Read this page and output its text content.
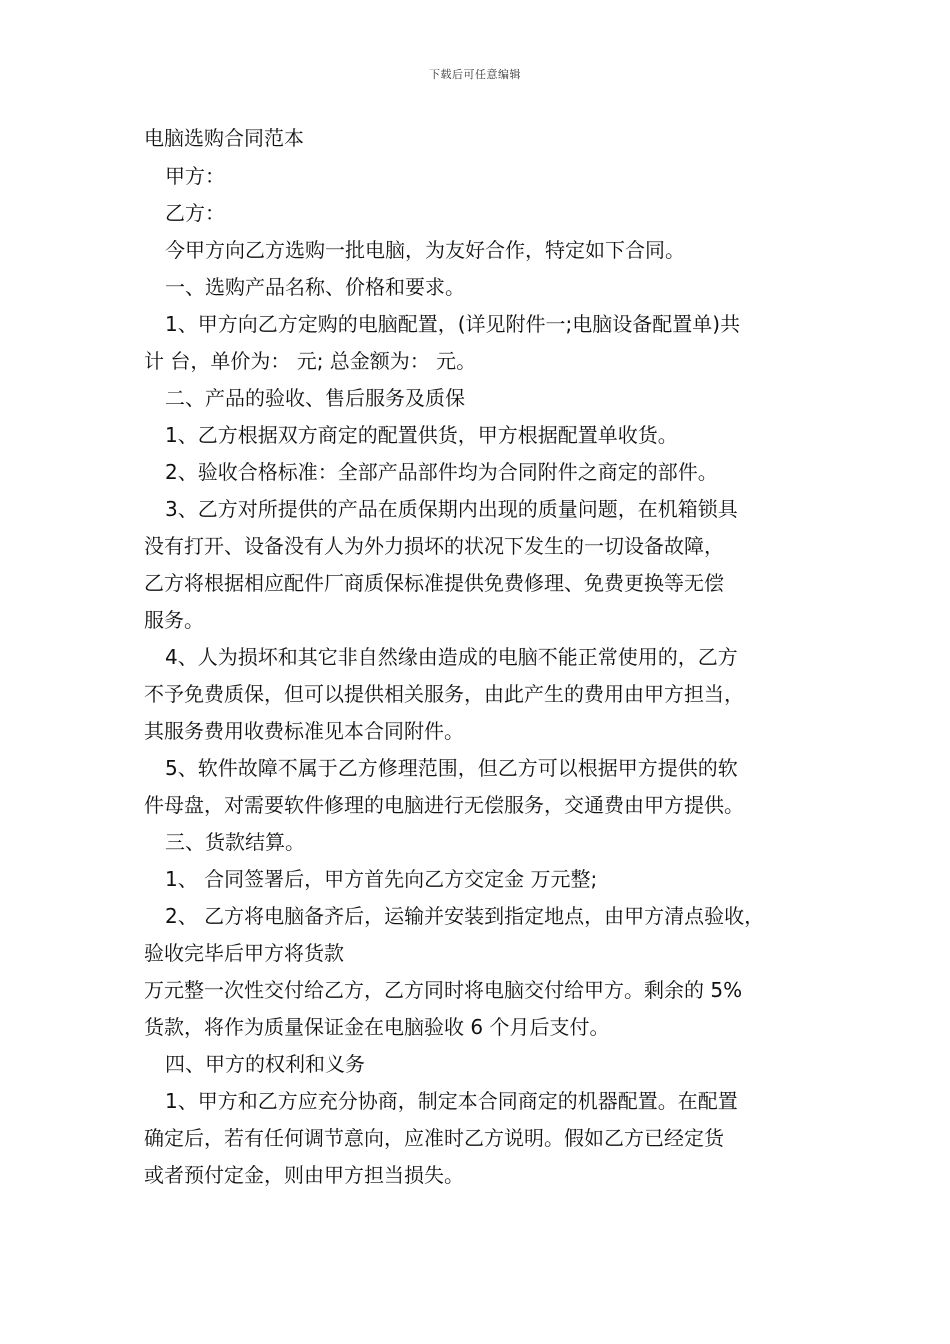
下载后可任意编辑

电脑选购合同范本

甲方：

乙方：

今甲方向乙方选购一批电脑，为友好合作，特定如下合同。

一、选购产品名称、价格和要求。

1、甲方向乙方定购的电脑配置，(详见附件一;电脑设备配置单)共

计 台，单价为： 元; 总金额为： 元。

二、产品的验收、售后服务及质保

1、乙方根据双方商定的配置供货，甲方根据配置单收货。

2、验收合格标准：全部产品部件均为合同附件之商定的部件。

3、乙方对所提供的产品在质保期内出现的质量问题，在机箱锁具

没有打开、设备没有人为外力损坏的状况下发生的一切设备故障，

乙方将根据相应配件厂商质保标准提供免费修理、免费更换等无偿

服务。

4、人为损坏和其它非自然缘由造成的电脑不能正常使用的，乙方

不予免费质保，但可以提供相关服务，由此产生的费用由甲方担当，

其服务费用收费标准见本合同附件。

5、软件故障不属于乙方修理范围，但乙方可以根据甲方提供的软

件母盘，对需要软件修理的电脑进行无偿服务，交通费由甲方提供。

三、货款结算。

1、 合同签署后，甲方首先向乙方交定金 万元整;

2、 乙方将电脑备齐后，运输并安装到指定地点，由甲方清点验收，

验收完毕后甲方将货款

万元整一次性交付给乙方，乙方同时将电脑交付给甲方。剩余的 5%

货款，将作为质量保证金在电脑验收 6 个月后支付。

四、甲方的权利和义务

1、甲方和乙方应充分协商，制定本合同商定的机器配置。在配置

确定后，若有任何调节意向，应准时乙方说明。假如乙方已经定货

或者预付定金，则由甲方担当损失。
